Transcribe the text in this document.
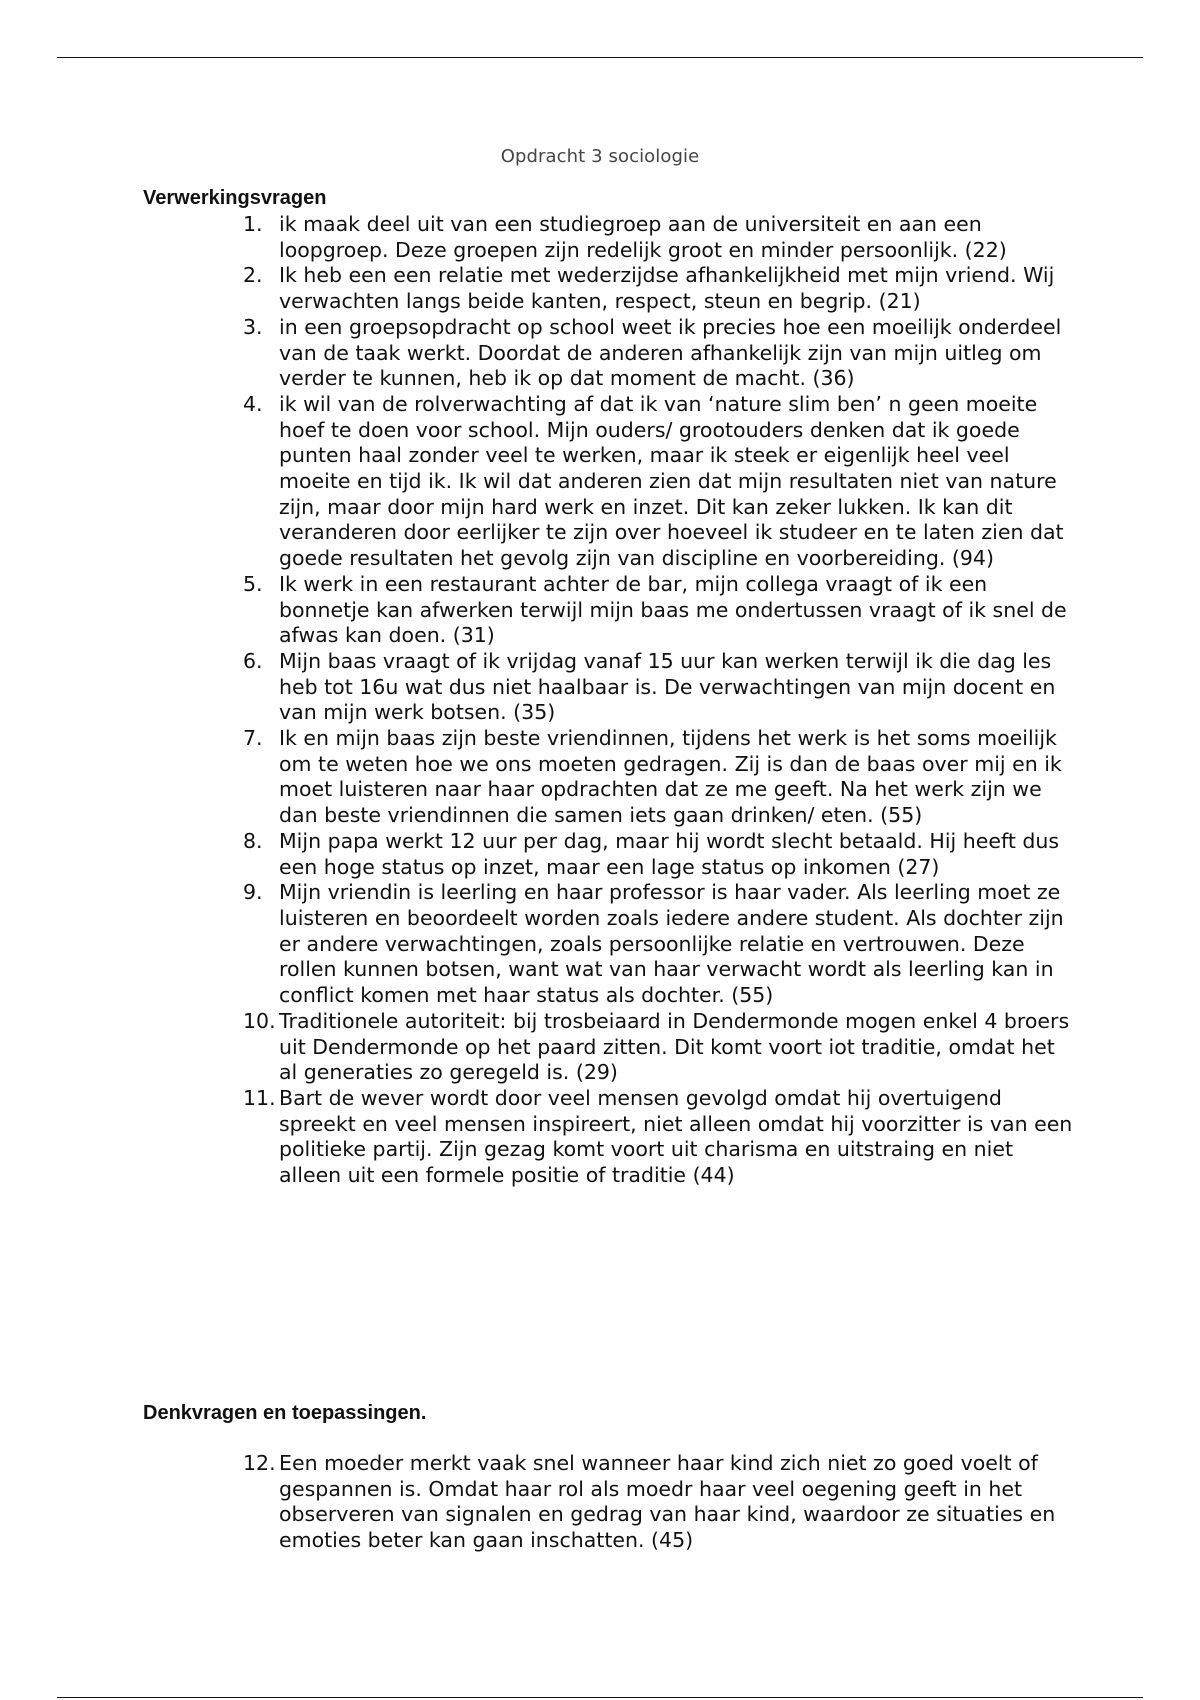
Opdracht 3 sociologie
Verwerkingsvragen
1. ik maak deel uit van een studiegroep aan de universiteit en aan een loopgroep. Deze groepen zijn redelijk groot en minder persoonlijk. (22)
2. Ik heb een een relatie met wederzijdse afhankelijkheid met mijn vriend. Wij verwachten langs beide kanten, respect, steun en begrip. (21)
3. in een groepsopdracht op school weet ik precies hoe een moeilijk onderdeel van de taak werkt. Doordat de anderen afhankelijk zijn van mijn uitleg om verder te kunnen, heb ik op dat moment de macht. (36)
4. ik wil van de rolverwachting af dat ik van ‘nature slim ben’ n geen moeite hoef te doen voor school. Mijn ouders/ grootouders denken dat ik goede punten haal zonder veel te werken, maar ik steek er eigenlijk heel veel moeite en tijd ik. Ik wil dat anderen zien dat mijn resultaten niet van nature zijn, maar door mijn hard werk en inzet. Dit kan zeker lukken. Ik kan dit veranderen door eerlijker te zijn over hoeveel ik studeer en te laten zien dat goede resultaten het gevolg zijn van discipline en voorbereiding. (94)
5. Ik werk in een restaurant achter de bar, mijn collega vraagt of ik een bonnetje kan afwerken terwijl mijn baas me ondertussen vraagt of ik snel de afwas kan doen. (31)
6. Mijn baas vraagt of ik vrijdag vanaf 15 uur kan werken terwijl ik die dag les heb tot 16u wat dus niet haalbaar is. De verwachtingen van mijn docent en van mijn werk botsen. (35)
7. Ik en mijn baas zijn beste vriendinnen, tijdens het werk is het soms moeilijk om te weten hoe we ons moeten gedragen. Zij is dan de baas over mij en ik moet luisteren naar haar opdrachten dat ze me geeft. Na het werk zijn we dan beste vriendinnen die samen iets gaan drinken/ eten. (55)
8. Mijn papa werkt 12 uur per dag, maar hij wordt slecht betaald. Hij heeft dus een hoge status op inzet, maar een lage status op inkomen (27)
9. Mijn vriendin is leerling en haar professor is haar vader. Als leerling moet ze luisteren en beoordeelt worden zoals iedere andere student. Als dochter zijn er andere verwachtingen, zoals persoonlijke relatie en vertrouwen. Deze rollen kunnen botsen, want wat van haar verwacht wordt als leerling kan in conflict komen met haar status als dochter. (55)
10. Traditionele autoriteit: bij trosbeiaard in Dendermonde mogen enkel 4 broers uit Dendermonde op het paard zitten. Dit komt voort iot traditie, omdat het al generaties zo geregeld is. (29)
11. Bart de wever wordt door veel mensen gevolgd omdat hij overtuigend spreekt en veel mensen inspireert, niet alleen omdat hij voorzitter is van een politieke partij. Zijn gezag komt voort uit charisma en uitstraing en niet alleen uit een formele positie of traditie (44)
Denkvragen en toepassingen.
12. Een moeder merkt vaak snel wanneer haar kind zich niet zo goed voelt of gespannen is. Omdat haar rol als moedr haar veel oegening geeft in het observeren van signalen en gedrag van haar kind, waardoor ze situaties en emoties beter kan gaan inschatten. (45)
